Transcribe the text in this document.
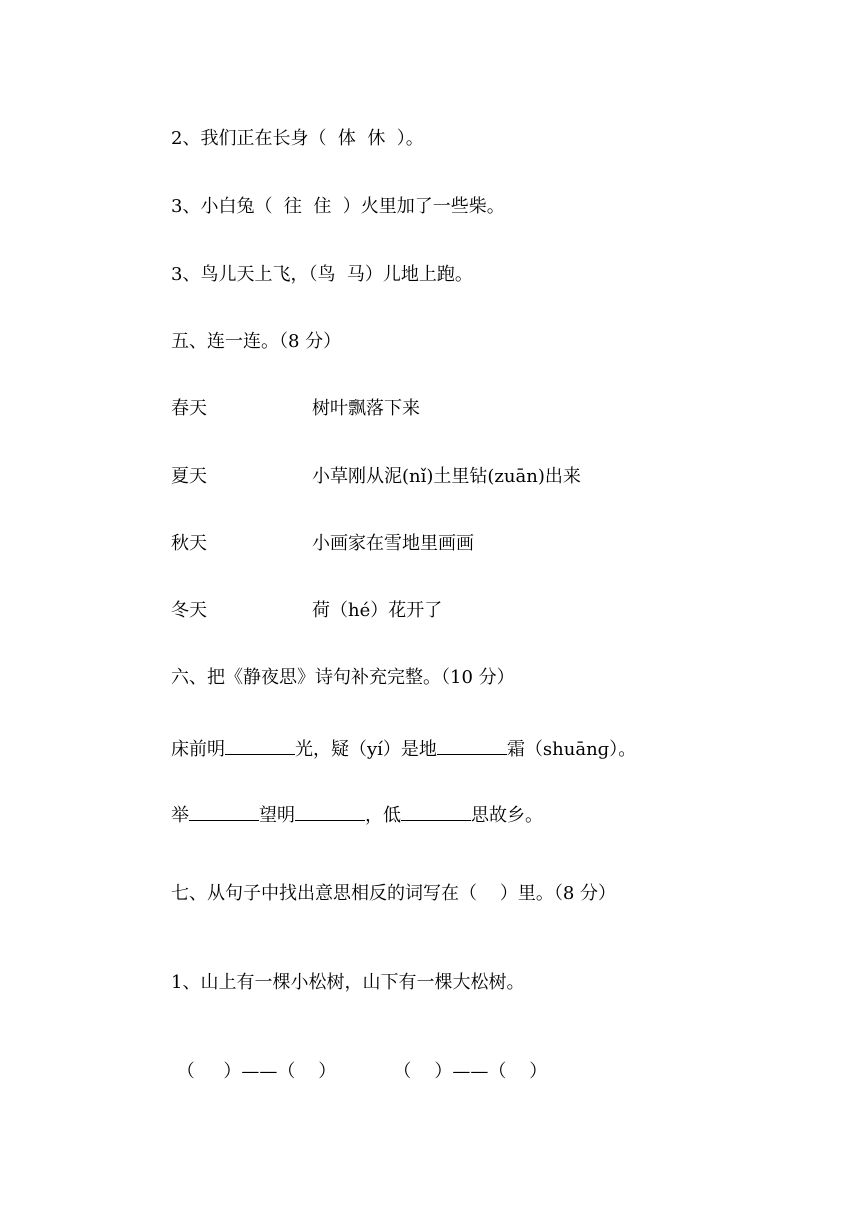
2、我们正在长身（  体  休  ）。
3、小白兔（  往  住  ）火里加了一些柴。
3、鸟儿天上飞，（鸟  马）儿地上跑。
五、连一连。（8 分）
春天	树叶飘落下来
夏天	小草刚从泥(nǐ)土里钻(zuān)出来
秋天	小画家在雪地里画画
冬天	荷（hé）花开了
六、把《静夜思》诗句补充完整。（10 分）
床前明	光，疑（yí）是地	霜（shuānɡ）。
举	望明	，低	思故乡。
七、从句子中找出意思相反的词写在（    ）里。（8 分）
1、山上有一棵小松树，山下有一棵大松树。
（     ）——（    ）          （    ）——（    ）
